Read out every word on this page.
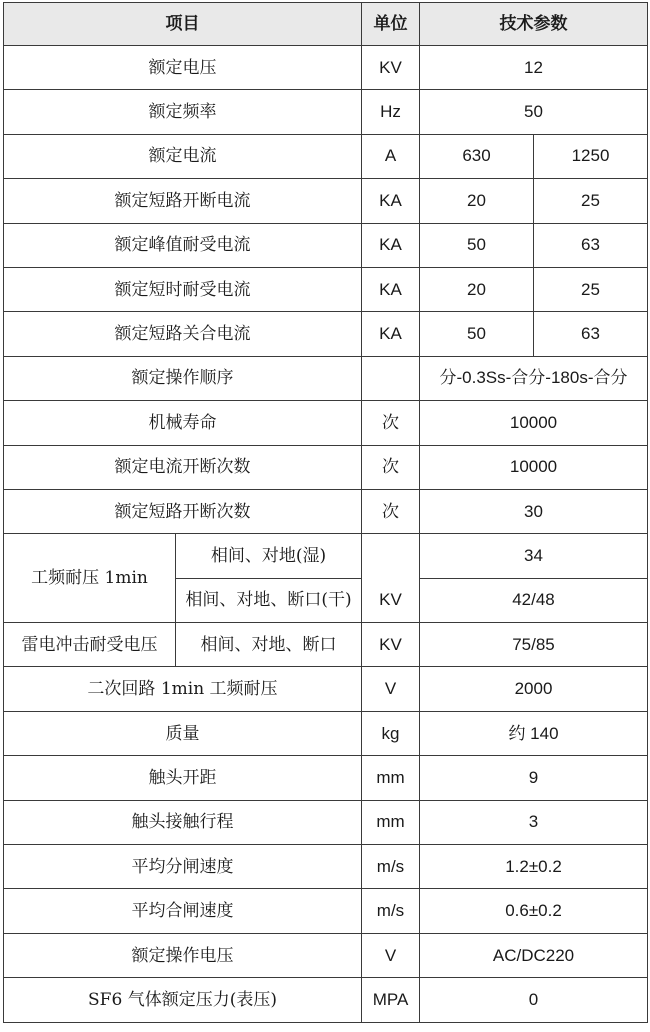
项目		单位	技术参数	
额定电压		KV	12	
额定频率		Hz	50	
额定电流		A	630	1250
额定短路开断电流		KA	20	25
额定峰值耐受电流		KA	50	63
额定短时耐受电流		KA	20	25
额定短路关合电流		KA	50	63
额定操作顺序			分-0.3Ss-合分-180s-合分	
机械寿命		次	10000	
额定电流开断次数		次	10000	
额定短路开断次数		次	30	
工频耐压 1min	相间、对地(湿)	KV	34	
	相间、对地、断口(干)		42/48	
雷电冲击耐受电压	相间、对地、断口	KV	75/85	
二次回路 1min 工频耐压		V	2000	
质量		kg	约 140	
触头开距		mm	9	
触头接触行程		mm	3	
平均分闸速度		m/s	1.2±0.2	
平均合闸速度		m/s	0.6±0.2	
额定操作电压		V	AC/DC220	
SF6 气体额定压力(表压)		MPA	0	
